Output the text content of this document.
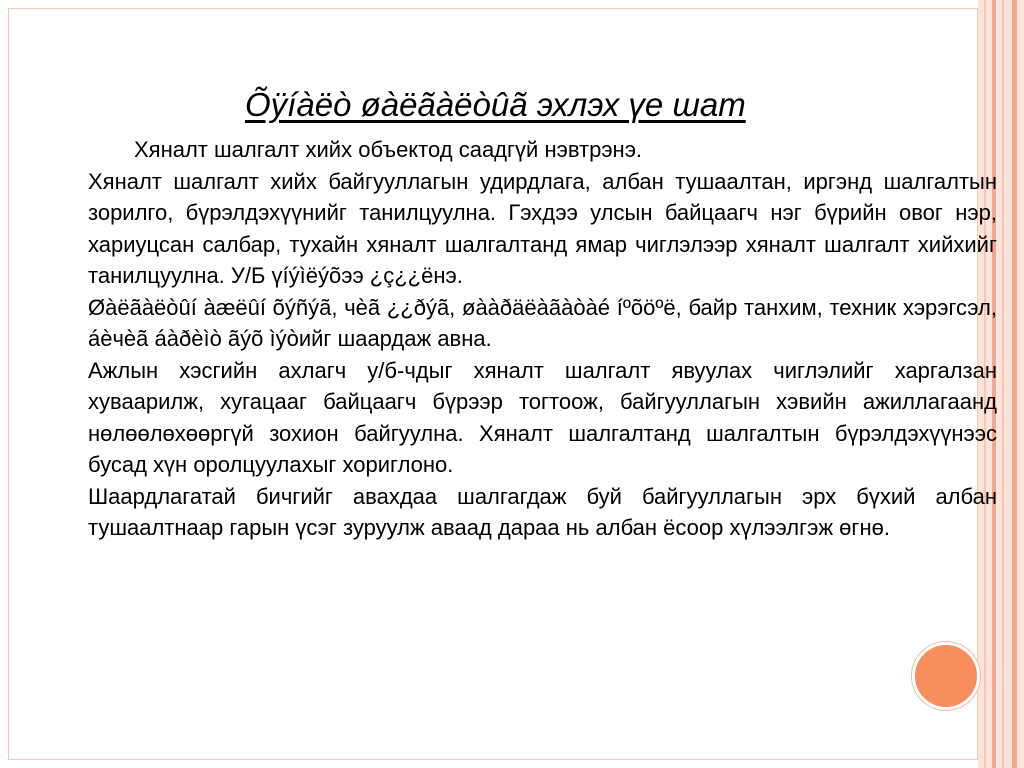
Õÿíàëò øàëãàëòûã эхлэх үе шат

Хяналт шалгалт хийх объектод саадгүй нэвтрэнэ.

Хяналт шалгалт хийх байгууллагын удирдлага, албан тушаалтан, иргэнд шалгалтын зорилго, бүрэлдэхүүнийг танилцуулна. Гэхдээ улсын байцаагч нэг бүрийн овог нэр, хариуцсан салбар, тухайн хяналт шалгалтанд ямар чиглэлээр хяналт шалгалт хийхийг танилцуулна. У/Б үíýìëýõээ ¿ç¿¿ëнэ.

Øàëãàëòûí àæëûí õýñýã, чèã ¿¿ðýã, øààðäëàãàòàé íºõöºë, байр танхим, техник хэрэгсэл, áèчèã áàðèìò ãýõ ìýòийг шаардаж авна.

Ажлын хэсгийн ахлагч у/б-чдыг хяналт шалгалт явуулах чиглэлийг харгалзан хуваарилж, хугацааг байцаагч бүрээр тогтоож, байгууллагын хэвийн ажиллагаанд нөлөөлөхөөргүй зохион байгуулна. Хяналт шалгалтанд шалгалтын бүрэлдэхүүнээс бусад хүн оролцуулахыг хориглоно.

Шаардлагатай бичгийг авахдаа шалгагдаж буй байгууллагын эрх бүхий албан тушаалтнаар гарын үсэг зуруулж аваад дараа нь албан ёсоор хүлээлгэж өгнө.
